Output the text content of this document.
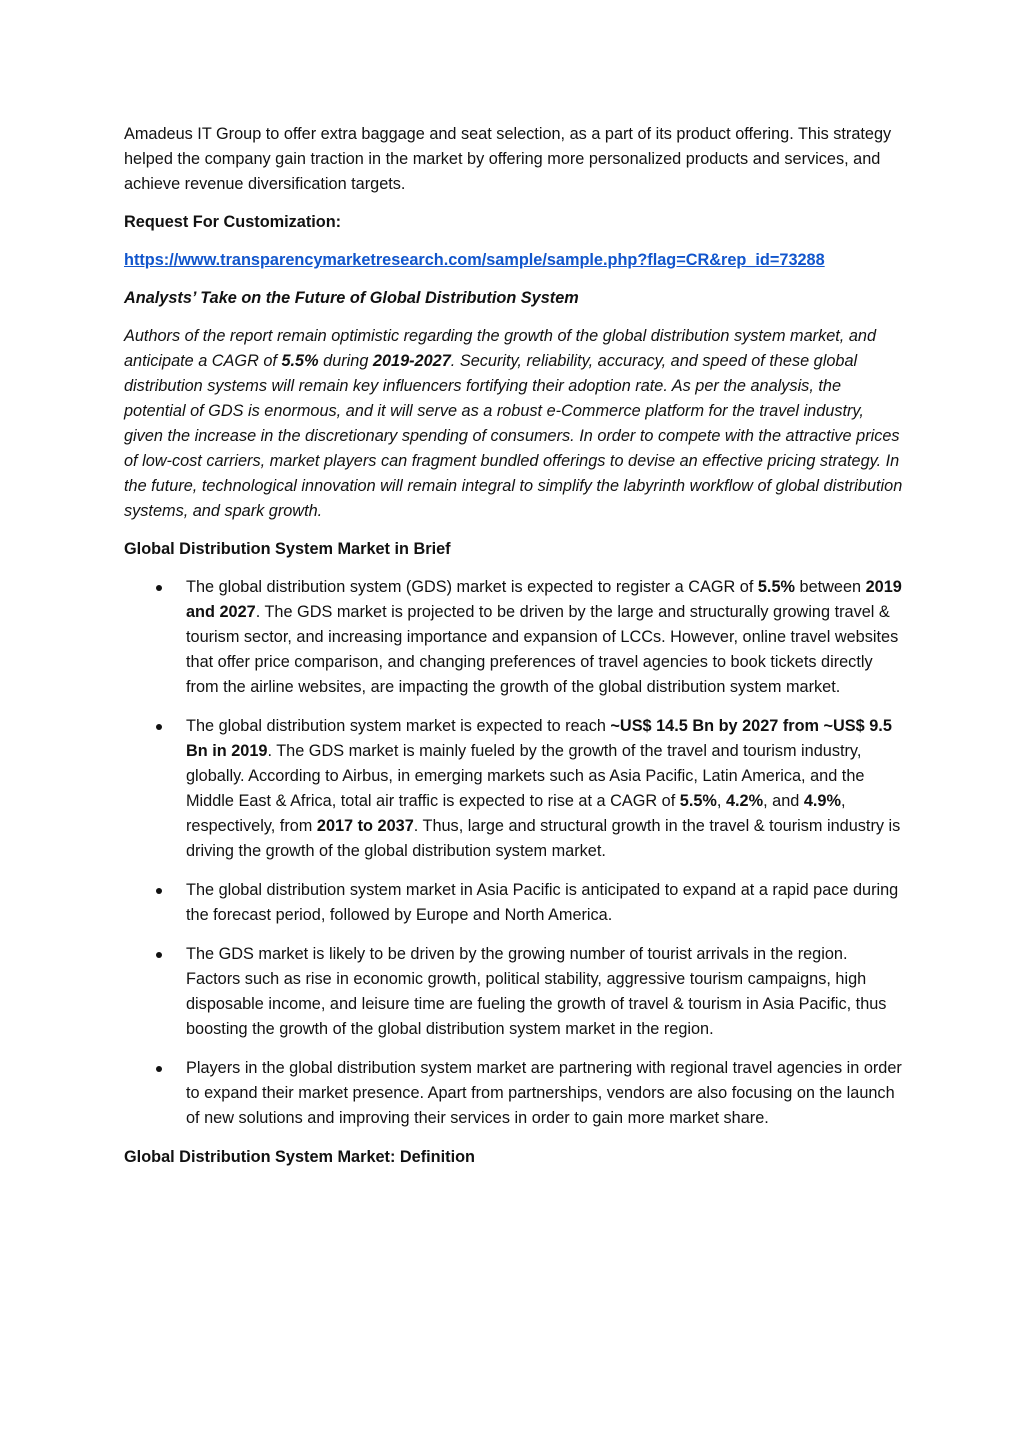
Amadeus IT Group to offer extra baggage and seat selection, as a part of its product offering. This strategy helped the company gain traction in the market by offering more personalized products and services, and achieve revenue diversification targets.

Request For Customization:

https://www.transparencymarketresearch.com/sample/sample.php?flag=CR&rep_id=73288

Analysts’ Take on the Future of Global Distribution System

Authors of the report remain optimistic regarding the growth of the global distribution system market, and anticipate a CAGR of 5.5% during 2019-2027. Security, reliability, accuracy, and speed of these global distribution systems will remain key influencers fortifying their adoption rate. As per the analysis, the potential of GDS is enormous, and it will serve as a robust e-Commerce platform for the travel industry, given the increase in the discretionary spending of consumers. In order to compete with the attractive prices of low-cost carriers, market players can fragment bundled offerings to devise an effective pricing strategy. In the future, technological innovation will remain integral to simplify the labyrinth workflow of global distribution systems, and spark growth.

Global Distribution System Market in Brief

The global distribution system (GDS) market is expected to register a CAGR of 5.5% between 2019 and 2027. The GDS market is projected to be driven by the large and structurally growing travel & tourism sector, and increasing importance and expansion of LCCs. However, online travel websites that offer price comparison, and changing preferences of travel agencies to book tickets directly from the airline websites, are impacting the growth of the global distribution system market.
The global distribution system market is expected to reach ~US$ 14.5 Bn by 2027 from ~US$ 9.5 Bn in 2019. The GDS market is mainly fueled by the growth of the travel and tourism industry, globally. According to Airbus, in emerging markets such as Asia Pacific, Latin America, and the Middle East & Africa, total air traffic is expected to rise at a CAGR of 5.5%, 4.2%, and 4.9%, respectively, from 2017 to 2037. Thus, large and structural growth in the travel & tourism industry is driving the growth of the global distribution system market.
The global distribution system market in Asia Pacific is anticipated to expand at a rapid pace during the forecast period, followed by Europe and North America.
The GDS market is likely to be driven by the growing number of tourist arrivals in the region. Factors such as rise in economic growth, political stability, aggressive tourism campaigns, high disposable income, and leisure time are fueling the growth of travel & tourism in Asia Pacific, thus boosting the growth of the global distribution system market in the region.
Players in the global distribution system market are partnering with regional travel agencies in order to expand their market presence. Apart from partnerships, vendors are also focusing on the launch of new solutions and improving their services in order to gain more market share.

Global Distribution System Market: Definition
